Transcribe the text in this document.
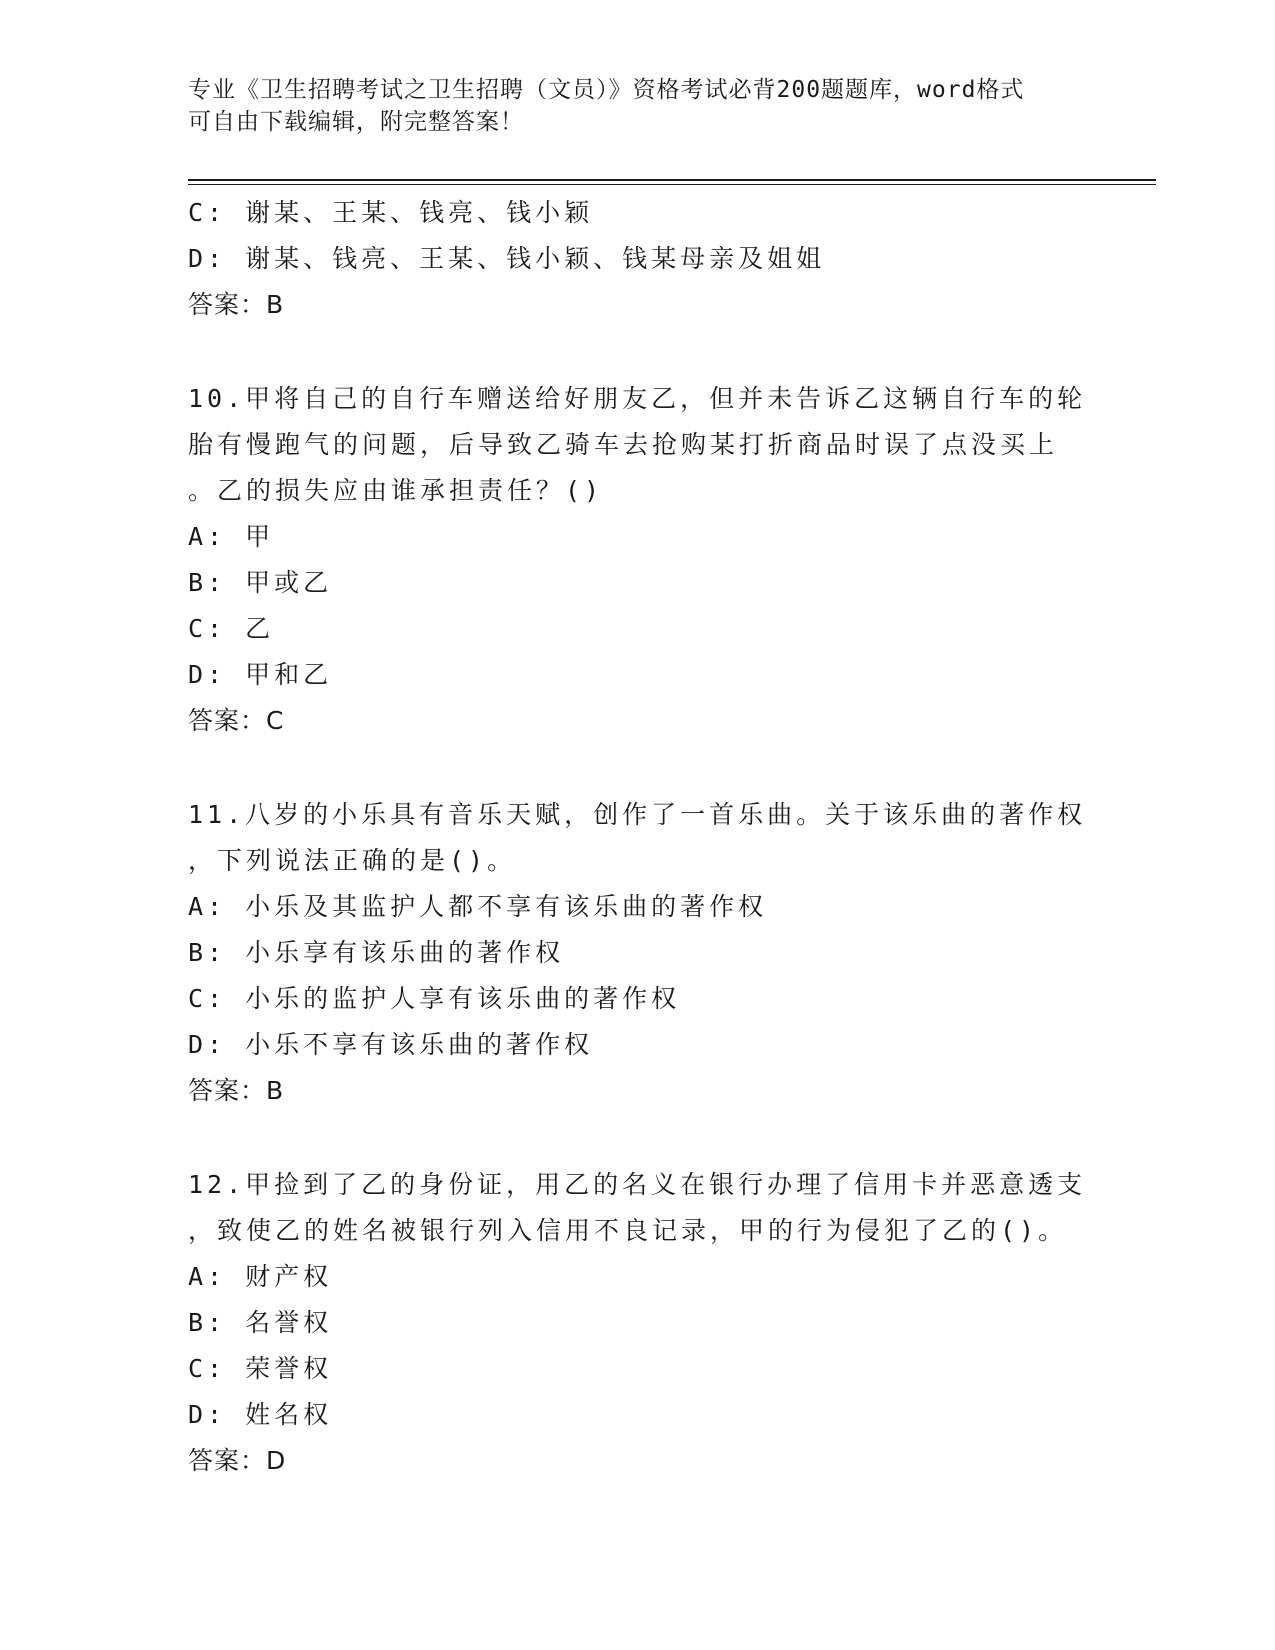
专业《卫生招聘考试之卫生招聘（文员）》资格考试必背200题题库，word格式
可自由下载编辑，附完整答案！
C: 谢某、王某、钱亮、钱小颖
D: 谢某、钱亮、王某、钱小颖、钱某母亲及姐姐
答案：B
10.甲将自己的自行车赠送给好朋友乙，但并未告诉乙这辆自行车的轮
胎有慢跑气的问题，后导致乙骑车去抢购某打折商品时误了点没买上
。乙的损失应由谁承担责任？()
A: 甲
B: 甲或乙
C: 乙
D: 甲和乙
答案：C
11.八岁的小乐具有音乐天赋，创作了一首乐曲。关于该乐曲的著作权
，下列说法正确的是()。
A: 小乐及其监护人都不享有该乐曲的著作权
B: 小乐享有该乐曲的著作权
C: 小乐的监护人享有该乐曲的著作权
D: 小乐不享有该乐曲的著作权
答案：B
12.甲捡到了乙的身份证，用乙的名义在银行办理了信用卡并恶意透支
，致使乙的姓名被银行列入信用不良记录，甲的行为侵犯了乙的()。
A: 财产权
B: 名誉权
C: 荣誉权
D: 姓名权
答案：D
